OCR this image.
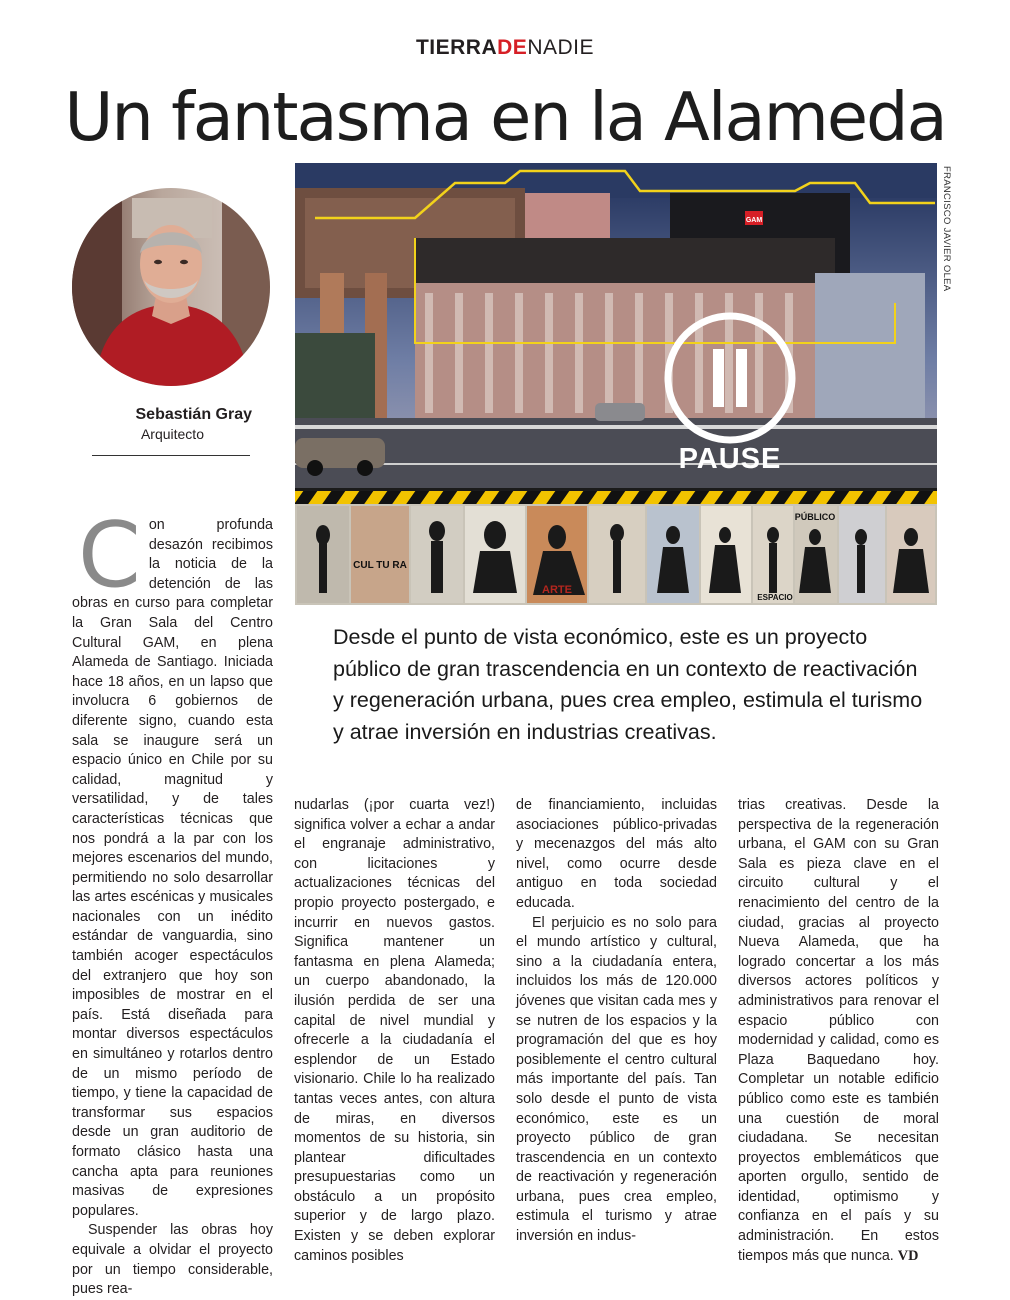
TIERRADENADIE
Un fantasma en la Alameda
Sebastián Gray
Arquitecto
GAM
PAUSE
CUL TU RA
ARTE
PÚBLICO
ESPACIO
FRANCISCO JAVIER OLEA
Desde el punto de vista económico, este es un proyecto público de gran trascendencia en un contexto de reactivación y regeneración urbana, pues crea empleo, estimula el turismo y atrae inversión en industrias creativas.

Con profunda desazón recibimos la noticia de la detención de las obras en curso para completar la Gran Sala del Centro Cultural GAM, en plena Alameda de Santiago. Iniciada hace 18 años, en un lapso que involucra 6 gobiernos de diferente signo, cuando esta sala se inaugure será un espacio único en Chile por su calidad, magnitud y versatilidad, y de tales características técnicas que nos pondrá a la par con los mejores escenarios del mundo, permitiendo no solo desarrollar las artes escénicas y musicales nacionales con un inédito estándar de vanguardia, sino también acoger espectáculos del extranjero que hoy son imposibles de mostrar en el país. Está diseñada para montar diversos espectáculos en simultáneo y rotarlos dentro de un mismo período de tiempo, y tiene la capacidad de transformar sus espacios desde un gran auditorio de formato clásico hasta una cancha apta para reuniones masivas de expresiones populares.

Suspender las obras hoy equivale a olvidar el proyecto por un tiempo considerable, pues rea-

nudarlas (¡por cuarta vez!) significa volver a echar a andar el engranaje administrativo, con licitaciones y actualizaciones técnicas del propio proyecto postergado, e incurrir en nuevos gastos. Significa mantener un fantasma en plena Alameda; un cuerpo abandonado, la ilusión perdida de ser una capital de nivel mundial y ofrecerle a la ciudadanía el esplendor de un Estado visionario. Chile lo ha realizado tantas veces antes, con altura de miras, en diversos momentos de su historia, sin plantear dificultades presupuestarias como un obstáculo a un propósito superior y de largo plazo. Existen y se deben explorar caminos posibles

de financiamiento, incluidas asociaciones público-privadas y mecenazgos del más alto nivel, como ocurre desde antiguo en toda sociedad educada.

El perjuicio es no solo para el mundo artístico y cultural, sino a la ciudadanía entera, incluidos los más de 120.000 jóvenes que visitan cada mes y se nutren de los espacios y la programación del que es hoy posiblemente el centro cultural más importante del país. Tan solo desde el punto de vista económico, este es un proyecto público de gran trascendencia en un contexto de reactivación y regeneración urbana, pues crea empleo, estimula el turismo y atrae inversión en indus-

trias creativas. Desde la perspectiva de la regeneración urbana, el GAM con su Gran Sala es pieza clave en el circuito cultural y el renacimiento del centro de la ciudad, gracias al proyecto Nueva Alameda, que ha logrado concertar a los más diversos actores políticos y administrativos para renovar el espacio público con modernidad y calidad, como es Plaza Baquedano hoy. Completar un notable edificio público como este es también una cuestión de moral ciudadana. Se necesitan proyectos emblemáticos que aporten orgullo, sentido de identidad, optimismo y confianza en el país y su administración. En estos tiempos más que nunca. VD
